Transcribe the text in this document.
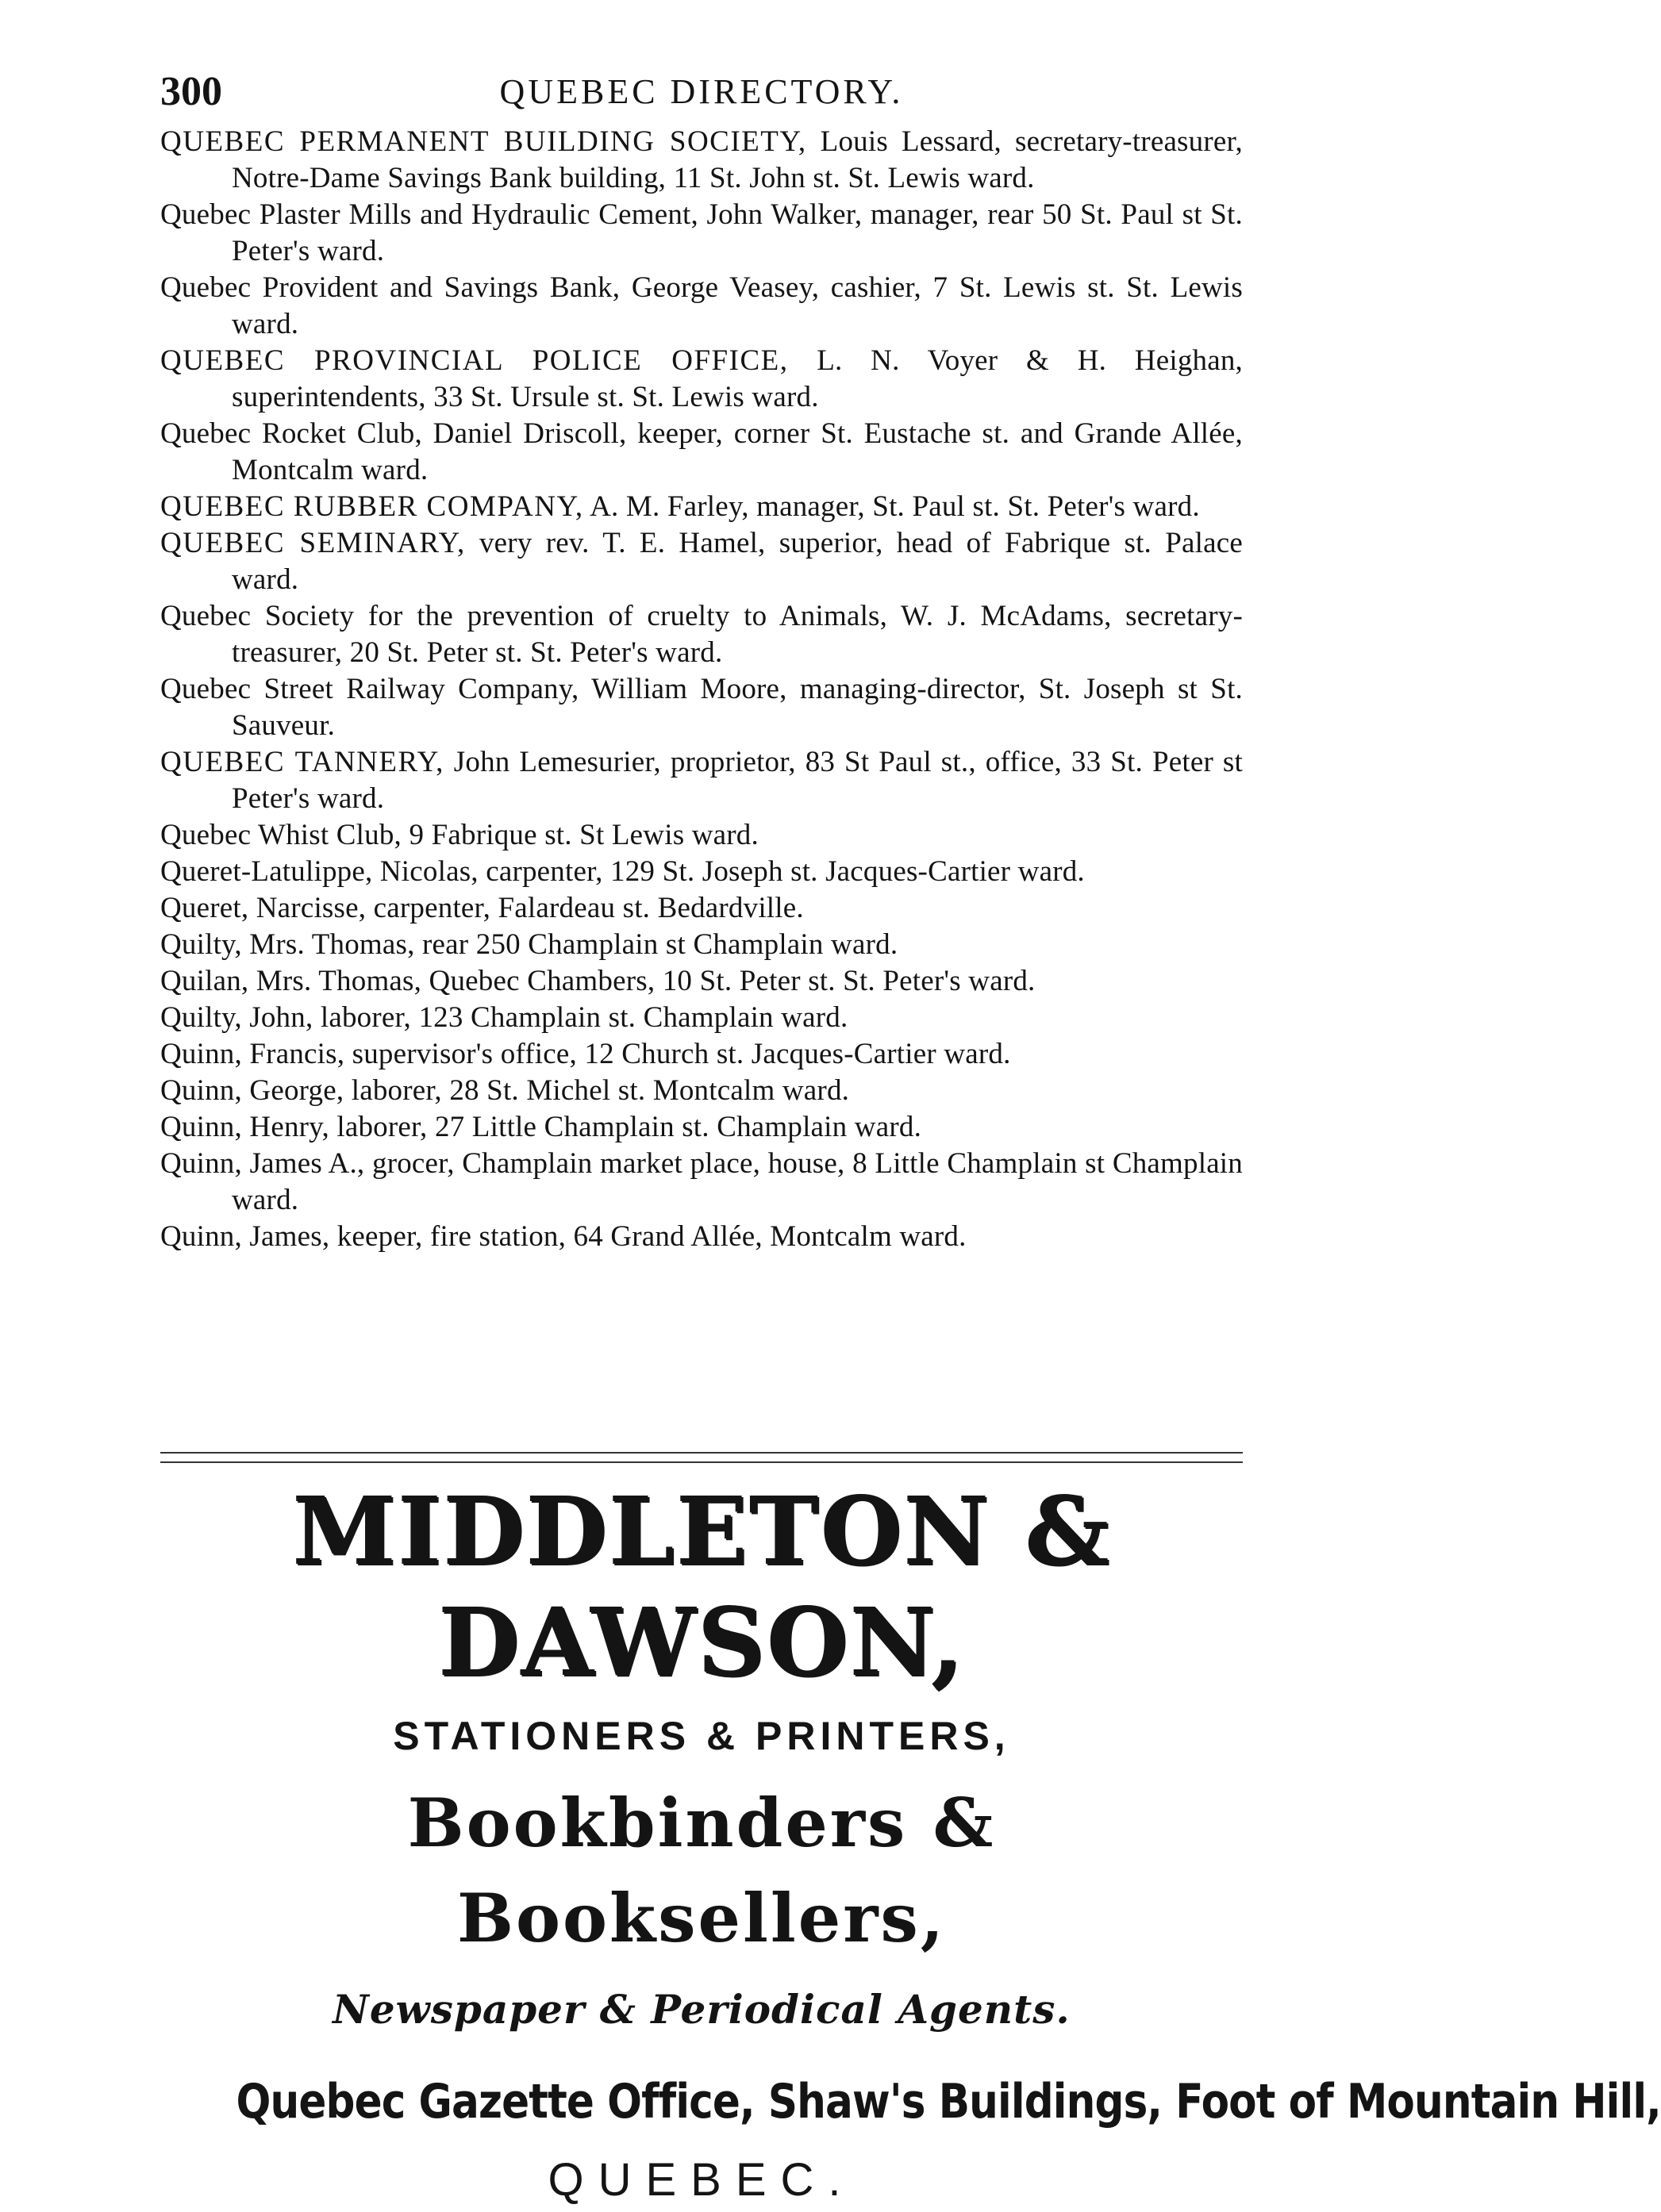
300	QUEBEC DIRECTORY.

QUEBEC PERMANENT BUILDING SOCIETY, Louis Lessard, secretary-treasurer, Notre-Dame Savings Bank building, 11 St. John st. St. Lewis ward.

Quebec Plaster Mills and Hydraulic Cement, John Walker, manager, rear 50 St. Paul st St. Peter's ward.

Quebec Provident and Savings Bank, George Veasey, cashier, 7 St. Lewis st. St. Lewis ward.

QUEBEC PROVINCIAL POLICE OFFICE, L. N. Voyer & H. Heighan, superintendents, 33 St. Ursule st. St. Lewis ward.

Quebec Rocket Club, Daniel Driscoll, keeper, corner St. Eustache st. and Grande Allée, Montcalm ward.

QUEBEC RUBBER COMPANY, A. M. Farley, manager, St. Paul st. St. Peter's ward.

QUEBEC SEMINARY, very rev. T. E. Hamel, superior, head of Fabrique st. Palace ward.

Quebec Society for the prevention of cruelty to Animals, W. J. McAdams, secretary-treasurer, 20 St. Peter st. St. Peter's ward.

Quebec Street Railway Company, William Moore, managing-director, St. Joseph st St. Sauveur.

QUEBEC TANNERY, John Lemesurier, proprietor, 83 St Paul st., office, 33 St. Peter st Peter's ward.

Quebec Whist Club, 9 Fabrique st. St Lewis ward.

Queret-Latulippe, Nicolas, carpenter, 129 St. Joseph st. Jacques-Cartier ward.

Queret, Narcisse, carpenter, Falardeau st. Bedardville.

Quilty, Mrs. Thomas, rear 250 Champlain st Champlain ward.

Quilan, Mrs. Thomas, Quebec Chambers, 10 St. Peter st. St. Peter's ward.

Quilty, John, laborer, 123 Champlain st. Champlain ward.

Quinn, Francis, supervisor's office, 12 Church st. Jacques-Cartier ward.

Quinn, George, laborer, 28 St. Michel st. Montcalm ward.

Quinn, Henry, laborer, 27 Little Champlain st. Champlain ward.

Quinn, James A., grocer, Champlain market place, house, 8 Little Champlain st Champlain ward.

Quinn, James, keeper, fire station, 64 Grand Allée, Montcalm ward.

MIDDLETON & DAWSON,
STATIONERS & PRINTERS,
Bookbinders & Booksellers,
Newspaper & Periodical Agents.
Quebec Gazette Office, Shaw's Buildings, Foot of Mountain Hill,
QUEBEC.
